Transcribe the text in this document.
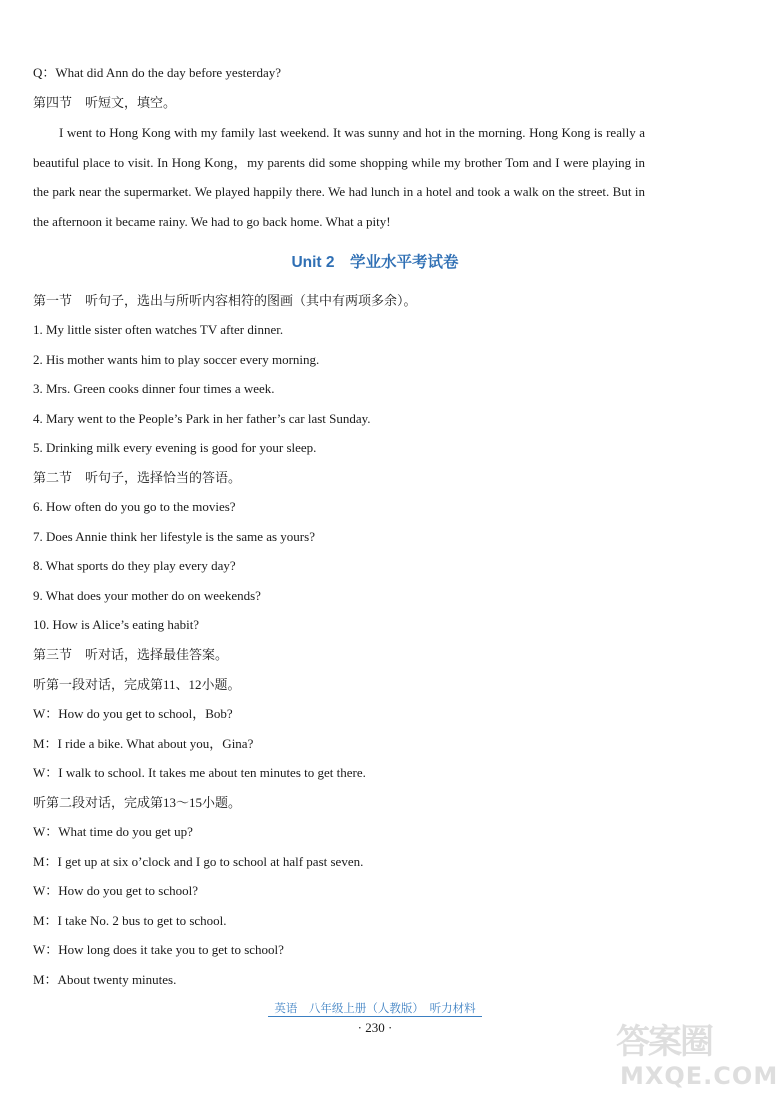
Q：What did Ann do the day before yesterday?
第四节　听短文，填空。
I went to Hong Kong with my family last weekend. It was sunny and hot in the morning. Hong Kong is really a beautiful place to visit. In Hong Kong，my parents did some shopping while my brother Tom and I were playing in the park near the supermarket. We played happily there. We had lunch in a hotel and took a walk on the street. But in the afternoon it became rainy. We had to go back home. What a pity!
Unit 2　学业水平考试卷
第一节　听句子，选出与所听内容相符的图画（其中有两项多余）。
1. My little sister often watches TV after dinner.
2. His mother wants him to play soccer every morning.
3. Mrs. Green cooks dinner four times a week.
4. Mary went to the People’s Park in her father’s car last Sunday.
5. Drinking milk every evening is good for your sleep.
第二节　听句子，选择恰当的答语。
6. How often do you go to the movies?
7. Does Annie think her lifestyle is the same as yours?
8. What sports do they play every day?
9. What does your mother do on weekends?
10. How is Alice’s eating habit?
第三节　听对话，选择最佳答案。
听第一段对话，完成第11、12小题。
W：How do you get to school，Bob?
M：I ride a bike. What about you，Gina?
W：I walk to school. It takes me about ten minutes to get there.
听第二段对话，完成第13～15小题。
W：What time do you get up?
M：I get up at six o’clock and I go to school at half past seven.
W：How do you get to school?
M：I take No. 2 bus to get to school.
W：How long does it take you to get to school?
M：About twenty minutes.
英语　八年级上册（人教版）　听力材料
· 230 ·	答案圈
MXQE.COM
